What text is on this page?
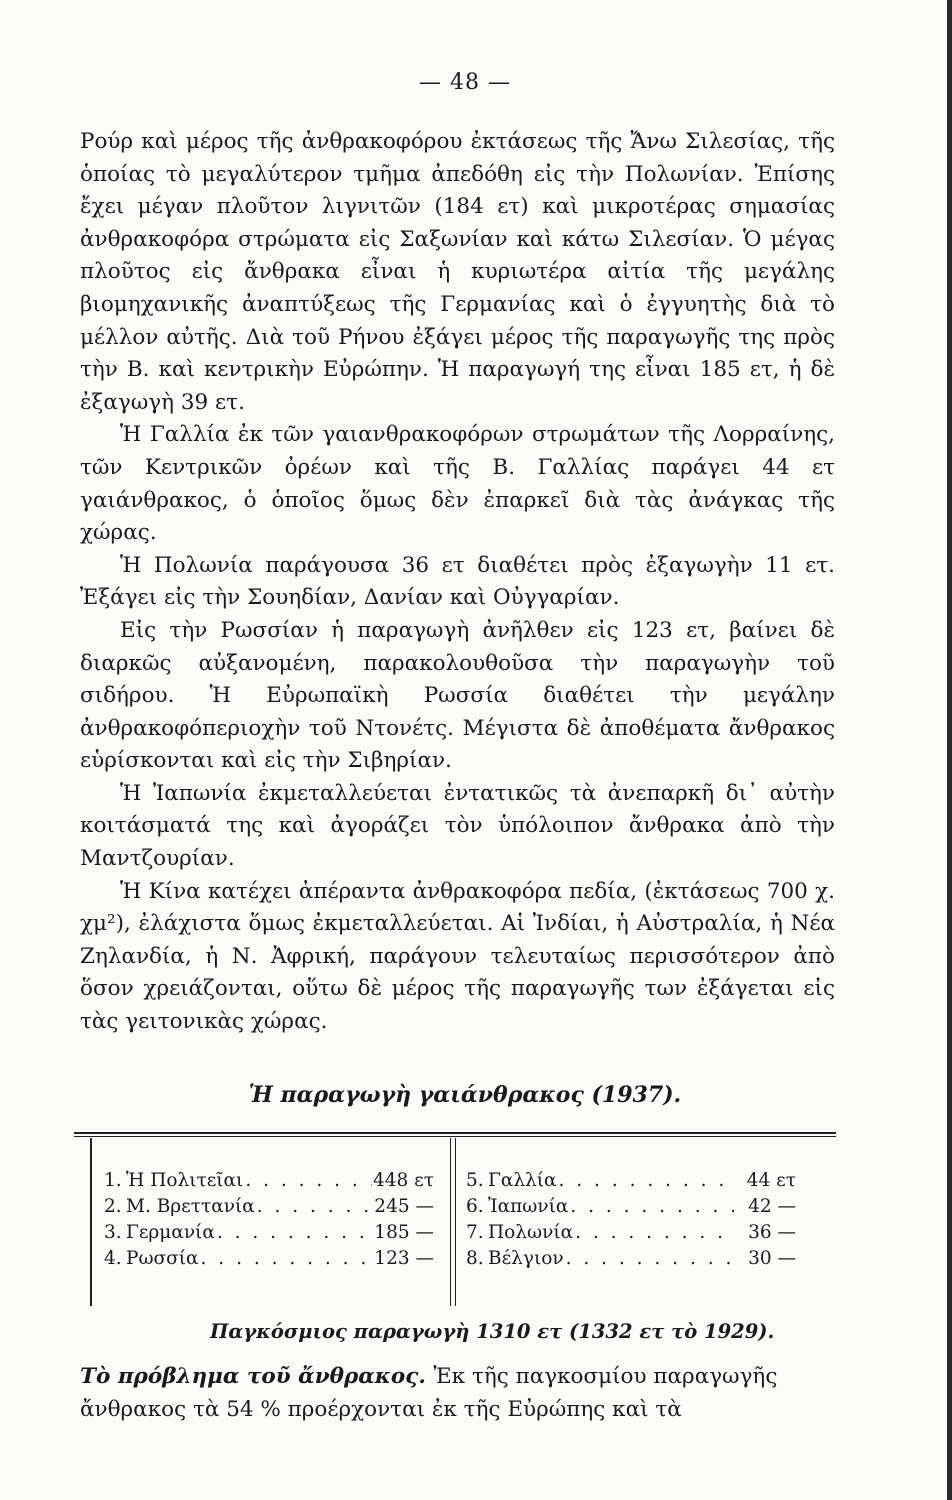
— 48 —

Ρούρ καὶ μέρος τῆς ἀνθρακοφόρου ἐκτάσεως τῆς Ἄνω Σιλεσίας, τῆς ὁποίας τὸ μεγαλύτερον τμῆμα ἀπεδόθη εἰς τὴν Πολωνίαν. Ἐπίσης ἔχει μέγαν πλοῦτον λιγνιτῶν (184 ετ) καὶ μικροτέρας σημασίας ἀνθρακοφόρα στρώματα εἰς Σαξωνίαν καὶ κάτω Σιλεσίαν. Ὁ μέγας πλοῦτος εἰς ἄνθρακα εἶναι ἡ κυριωτέρα αἰτία τῆς μεγάλης βιομηχανικῆς ἀναπτύξεως τῆς Γερμανίας καὶ ὁ ἐγγυητὴς διὰ τὸ μέλλον αὐτῆς. Διὰ τοῦ Ρήνου ἐξάγει μέρος τῆς παραγωγῆς της πρὸς τὴν Β. καὶ κεντρικὴν Εὐρώπην. Ἡ παραγωγή της εἶναι 185 ετ, ἡ δὲ ἐξαγωγὴ 39 ετ.

Ἡ Γαλλία ἐκ τῶν γαιανθρακοφόρων στρωμάτων τῆς Λορραίνης, τῶν Κεντρικῶν ὀρέων καὶ τῆς Β. Γαλλίας παράγει 44 ετ γαιάνθρακος, ὁ ὁποῖος ὅμως δὲν ἐπαρκεῖ διὰ τὰς ἀνάγκας τῆς χώρας.

Ἡ Πολωνία παράγουσα 36 ετ διαθέτει πρὸς ἐξαγωγὴν 11 ετ. Ἐξάγει εἰς τὴν Σουηδίαν, Δανίαν καὶ Οὐγγαρίαν.

Εἰς τὴν Ρωσσίαν ἡ παραγωγὴ ἀνῆλθεν εἰς 123 ετ, βαίνει δὲ διαρκῶς αὐξανομένη, παρακολουθοῦσα τὴν παραγωγὴν τοῦ σιδήρου. Ἡ Εὐρωπαϊκὴ Ρωσσία διαθέτει τὴν μεγάλην ἀνθρακοφόπεριοχὴν τοῦ Ντονέτς. Μέγιστα δὲ ἀποθέματα ἄνθρακος εὑρίσκονται καὶ εἰς τὴν Σιβηρίαν.

Ἡ Ἰαπωνία ἐκμεταλλεύεται ἐντατικῶς τὰ ἀνεπαρκῆ δι᾽ αὐτὴν κοιτάσματά της καὶ ἀγοράζει τὸν ὑπόλοιπον ἄνθρακα ἀπὸ τὴν Μαντζουρίαν.

Ἡ Κίνα κατέχει ἀπέραντα ἀνθρακοφόρα πεδία, (ἐκτάσεως 700 χ. χμ²), ἐλάχιστα ὅμως ἐκμεταλλεύεται. Αἱ Ἰνδίαι, ἡ Αὐστραλία, ἡ Νέα Ζηλανδία, ἡ Ν. Ἀφρική, παράγουν τελευταίως περισσότερον ἀπὸ ὅσον χρειάζονται, οὕτω δὲ μέρος τῆς παραγωγῆς των ἐξάγεται εἰς τὰς γειτονικὰς χώρας.

Ἡ παραγωγὴ γαιάνθρακος (1937).
1. Ἡ Πολιτεῖαι . . .	448 ετ
2. Μ. Βρεττανία . . .	245 —
3. Γερμανία . . .	185 —
4. Ρωσσία . . .	123 —
5. Γαλλία . . .	44 ετ
6. Ἰαπωνία . . .	42 —
7. Πολωνία . . .	36 —
8. Βέλγιον . . .	30 —
Παγκόσμιος παραγωγὴ 1310 ετ (1332 ετ τὸ 1929).
Τὸ πρόβλημα τοῦ ἄνθρακος. Ἐκ τῆς παγκοσμίου παραγωγῆς ἄνθρακος τὰ 54 % προέρχονται ἐκ τῆς Εὐρώπης καὶ τὰ
